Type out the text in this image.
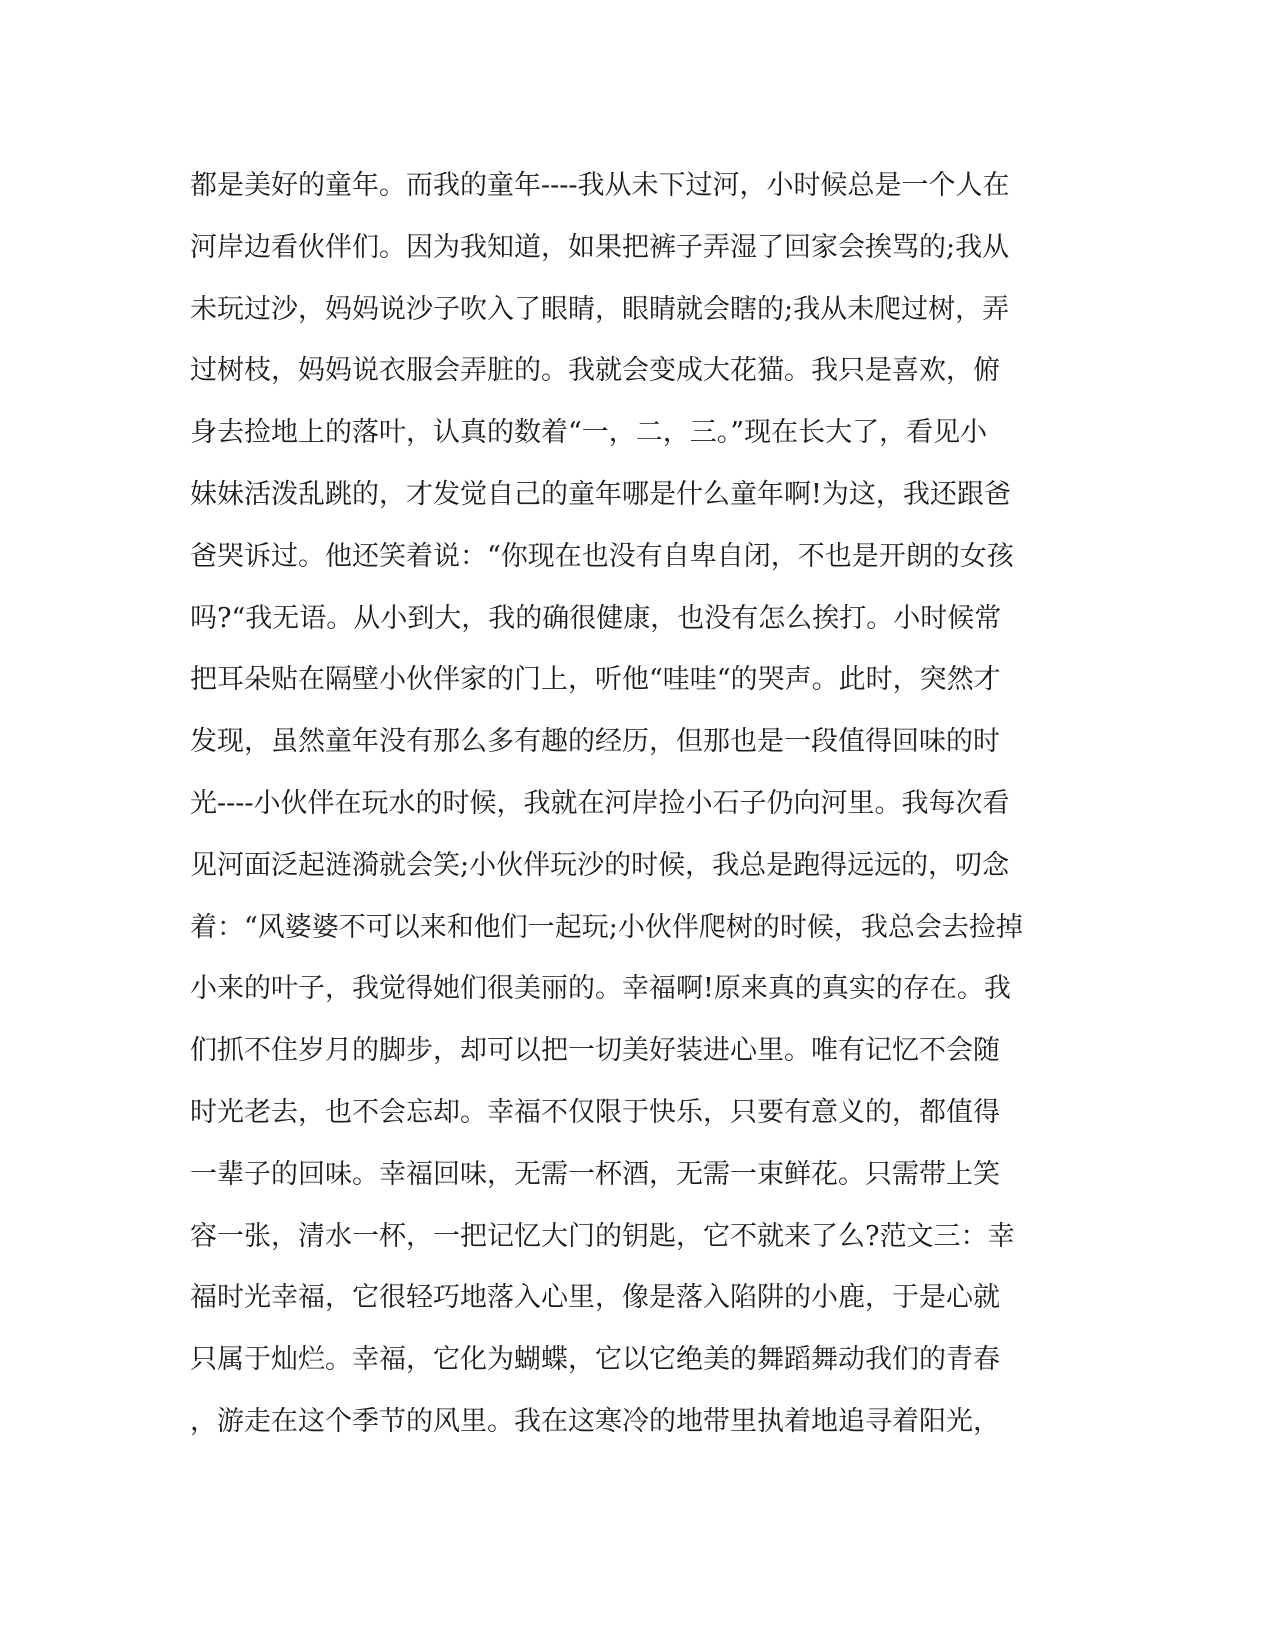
都是美好的童年。而我的童年----我从未下过河，小时候总是一个人在
河岸边看伙伴们。因为我知道，如果把裤子弄湿了回家会挨骂的;我从
未玩过沙，妈妈说沙子吹入了眼睛，眼睛就会瞎的;我从未爬过树，弄
过树枝，妈妈说衣服会弄脏的。我就会变成大花猫。我只是喜欢，俯
身去捡地上的落叶，认真的数着“一，二，三。”现在长大了，看见小
妹妹活泼乱跳的，才发觉自己的童年哪是什么童年啊!为这，我还跟爸
爸哭诉过。他还笑着说：“你现在也没有自卑自闭，不也是开朗的女孩
吗?“我无语。从小到大，我的确很健康，也没有怎么挨打。小时候常
把耳朵贴在隔壁小伙伴家的门上，听他“哇哇“的哭声。此时，突然才
发现，虽然童年没有那么多有趣的经历，但那也是一段值得回味的时
光----小伙伴在玩水的时候，我就在河岸捡小石子仍向河里。我每次看
见河面泛起涟漪就会笑;小伙伴玩沙的时候，我总是跑得远远的，叨念
着：“风婆婆不可以来和他们一起玩;小伙伴爬树的时候，我总会去捡掉
小来的叶子，我觉得她们很美丽的。幸福啊!原来真的真实的存在。我
们抓不住岁月的脚步，却可以把一切美好装进心里。唯有记忆不会随
时光老去，也不会忘却。幸福不仅限于快乐，只要有意义的，都值得
一辈子的回味。幸福回味，无需一杯酒，无需一束鲜花。只需带上笑
容一张，清水一杯，一把记忆大门的钥匙，它不就来了么?范文三：幸
福时光幸福，它很轻巧地落入心里，像是落入陷阱的小鹿，于是心就
只属于灿烂。幸福，它化为蝴蝶，它以它绝美的舞蹈舞动我们的青春
，游走在这个季节的风里。我在这寒冷的地带里执着地追寻着阳光，
